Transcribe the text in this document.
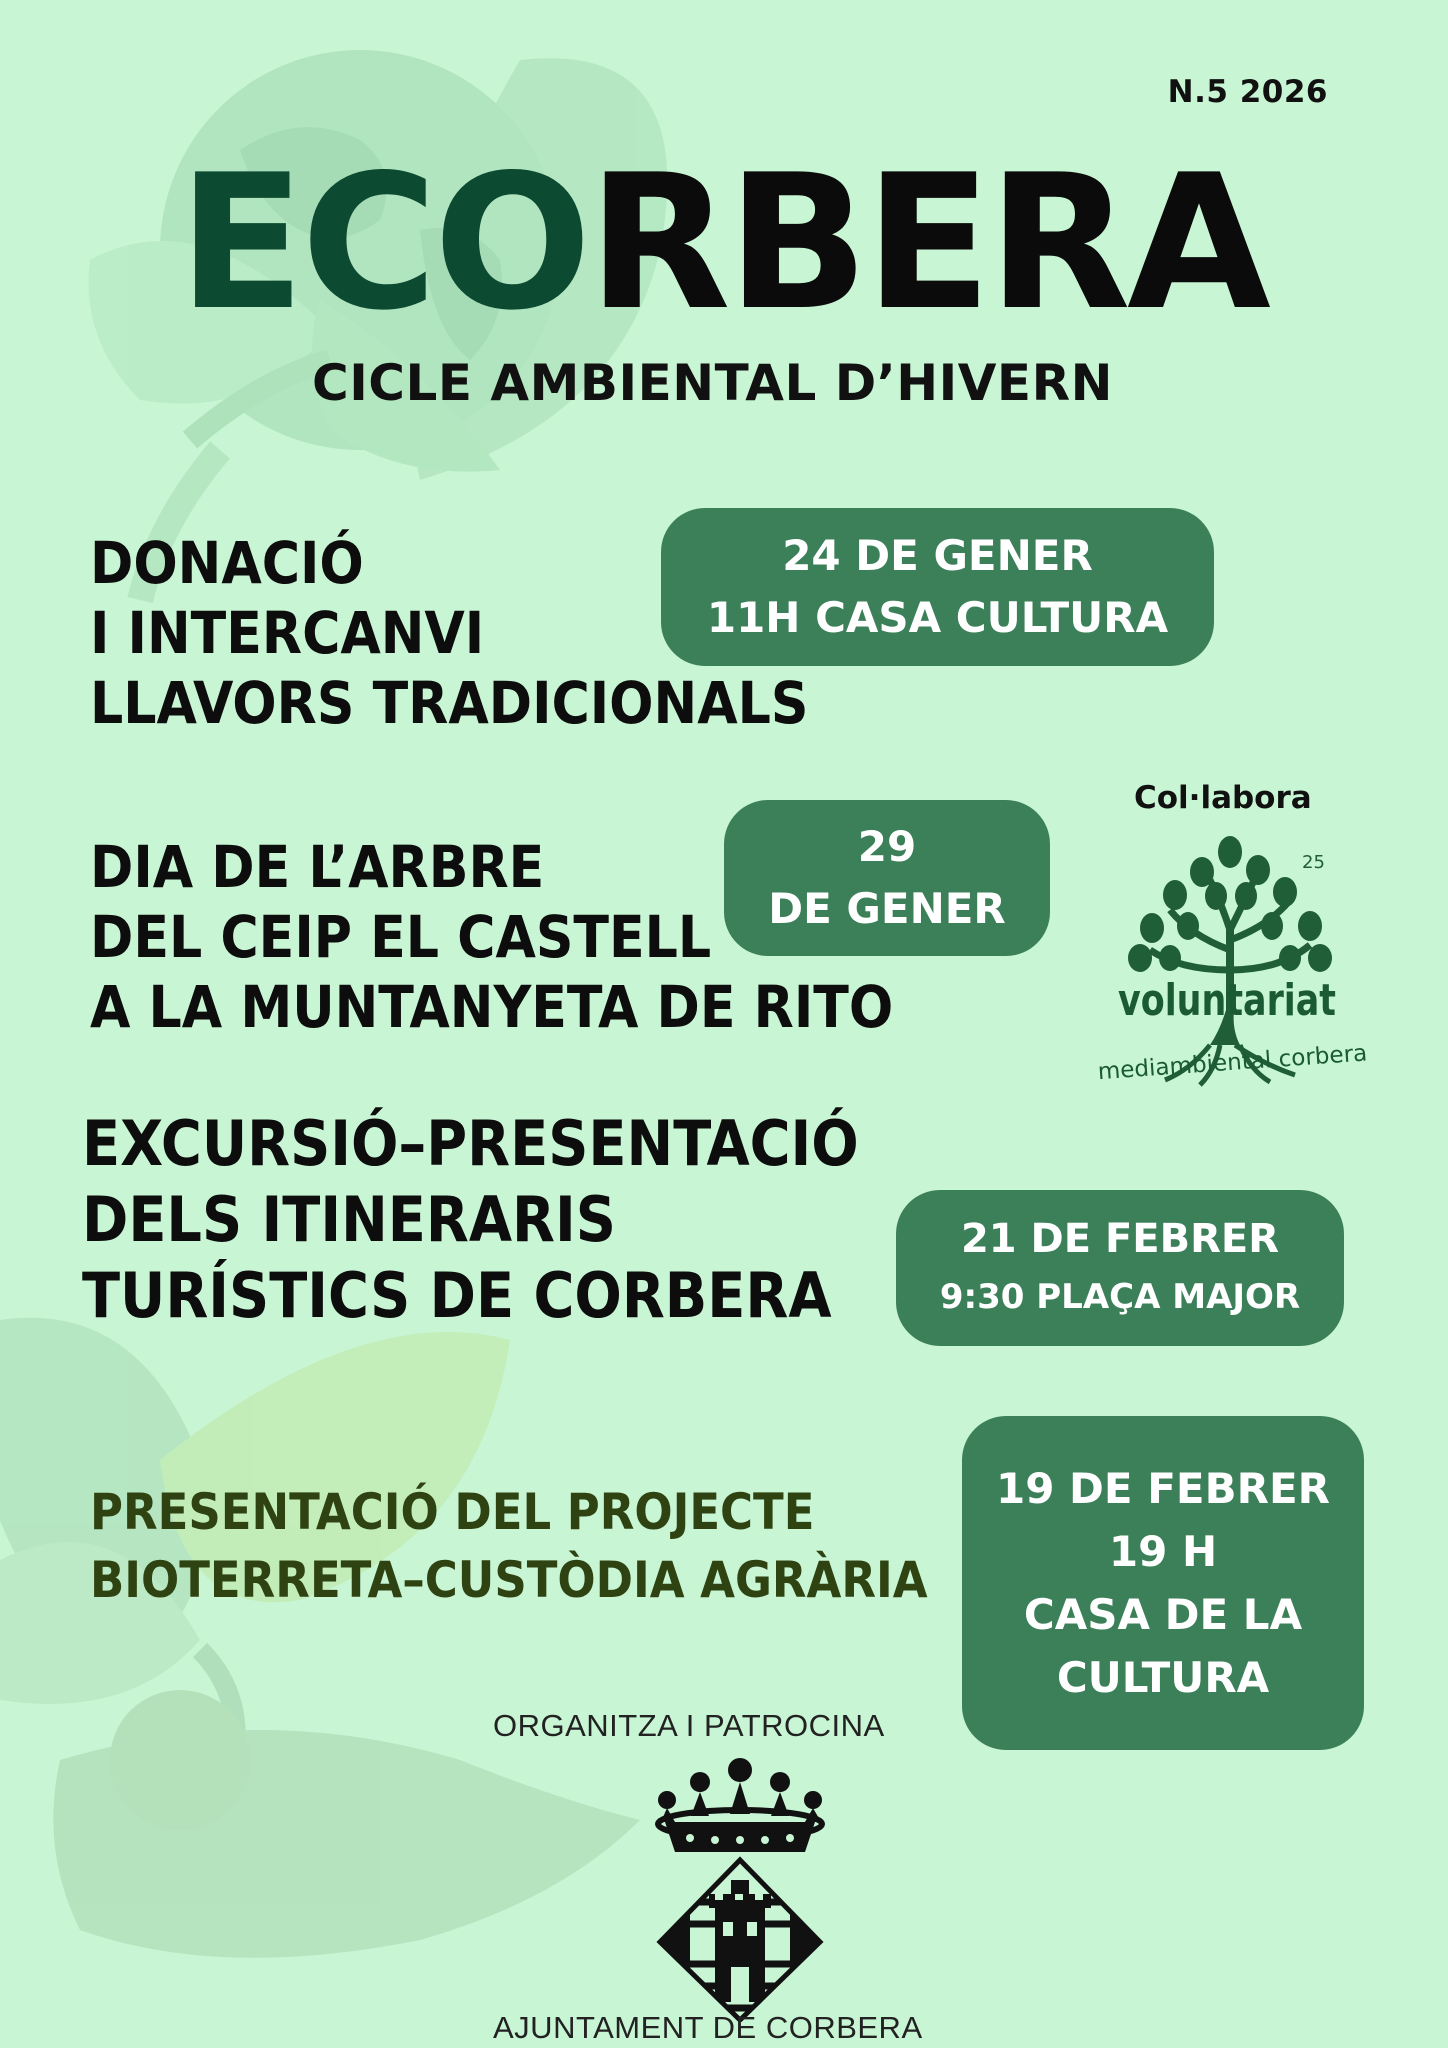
N.5 2026
ECORBERA
CICLE AMBIENTAL D’HIVERN
DONACIÓ
I INTERCANVI
LLAVORS TRADICIONALS
24 DE GENER
11H CASA CULTURA
DIA DE L’ARBRE
DEL CEIP EL CASTELL
A LA MUNTANYETA DE RITO
29
DE GENER
Col·labora
25
voluntariat
mediambiental corbera
EXCURSIÓ–PRESENTACIÓ
DELS ITINERARIS
TURÍSTICS DE CORBERA
21 DE FEBRER
9:30 PLAÇA MAJOR
PRESENTACIÓ DEL PROJECTE
BIOTERRETA–CUSTÒDIA AGRÀRIA
19 DE FEBRER
19 H
CASA DE LA
CULTURA
ORGANITZA I PATROCINA
AJUNTAMENT DE CORBERA
